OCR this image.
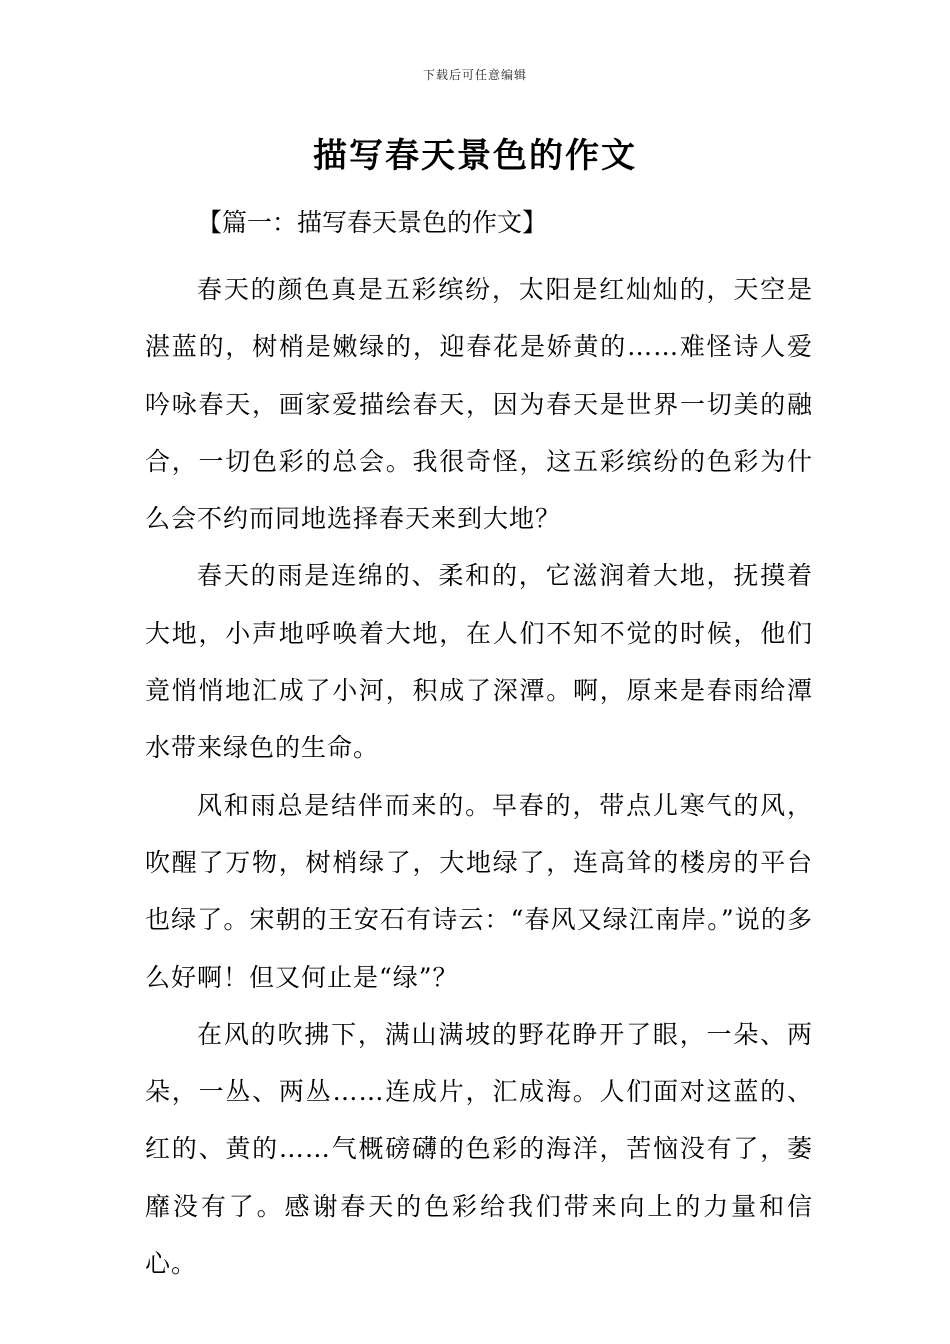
下载后可任意编辑
描写春天景色的作文

【篇一：描写春天景色的作文】

春天的颜色真是五彩缤纷，太阳是红灿灿的，天空是湛蓝的，树梢是嫩绿的，迎春花是娇黄的……难怪诗人爱吟咏春天，画家爱描绘春天，因为春天是世界一切美的融合，一切色彩的总会。我很奇怪，这五彩缤纷的色彩为什么会不约而同地选择春天来到大地？

春天的雨是连绵的、柔和的，它滋润着大地，抚摸着大地，小声地呼唤着大地，在人们不知不觉的时候，他们竟悄悄地汇成了小河，积成了深潭。啊，原来是春雨给潭水带来绿色的生命。

风和雨总是结伴而来的。早春的，带点儿寒气的风，吹醒了万物，树梢绿了，大地绿了，连高耸的楼房的平台也绿了。宋朝的王安石有诗云：“春风又绿江南岸。”说的多么好啊！但又何止是“绿”？

在风的吹拂下，满山满坡的野花睁开了眼，一朵、两朵，一丛、两丛……连成片，汇成海。人们面对这蓝的、红的、黄的……气概磅礴的色彩的海洋，苦恼没有了，萎靡没有了。感谢春天的色彩给我们带来向上的力量和信心。
